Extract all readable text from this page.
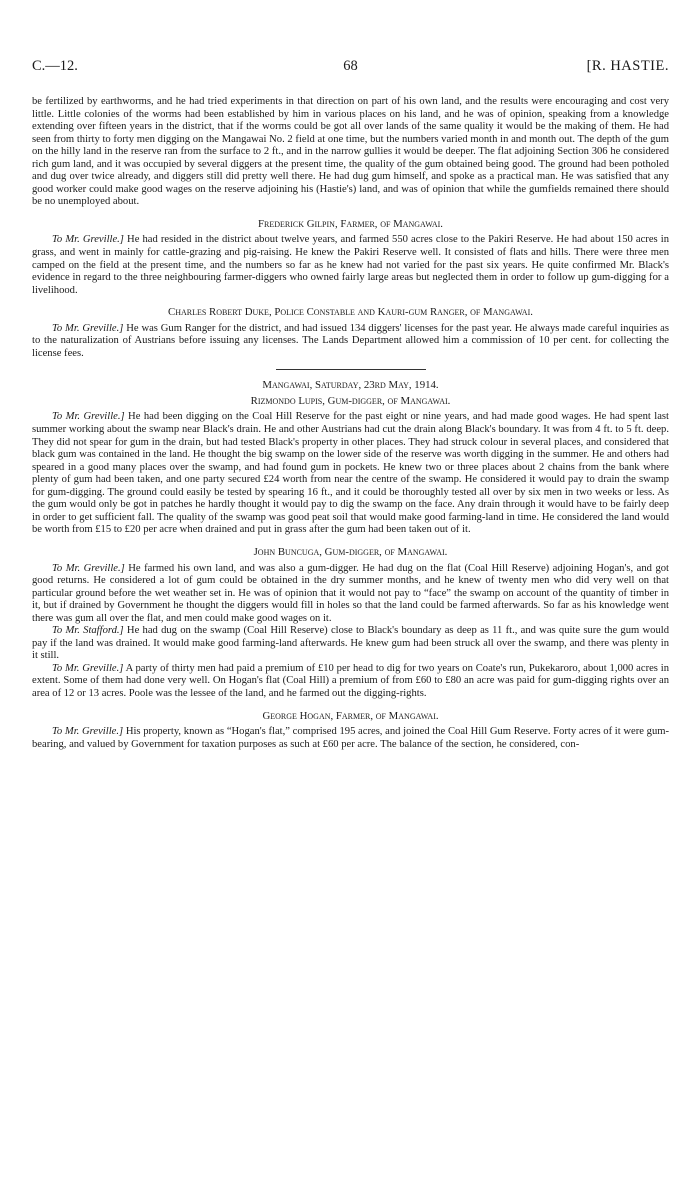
C.—12.	68	[R. HASTIE.

be fertilized by earthworms, and he had tried experiments in that direction on part of his own land, and the results were encouraging and cost very little. Little colonies of the worms had been established by him in various places on his land, and he was of opinion, speaking from a knowledge extending over fifteen years in the district, that if the worms could be got all over lands of the same quality it would be the making of them. He had seen from thirty to forty men digging on the Mangawai No. 2 field at one time, but the numbers varied month in and month out. The depth of the gum on the hilly land in the reserve ran from the surface to 2 ft., and in the narrow gullies it would be deeper. The flat adjoining Section 306 he considered rich gum land, and it was occupied by several diggers at the present time, the quality of the gum obtained being good. The ground had been potholed and dug over twice already, and diggers still did pretty well there. He had dug gum himself, and spoke as a practical man. He was satisfied that any good worker could make good wages on the reserve adjoining his (Hastie's) land, and was of opinion that while the gumfields remained there should be no unemployed about.

Frederick Gilpin, Farmer, of Mangawai.

To Mr. Greville.] He had resided in the district about twelve years, and farmed 550 acres close to the Pakiri Reserve. He had about 150 acres in grass, and went in mainly for cattle-grazing and pig-raising. He knew the Pakiri Reserve well. It consisted of flats and hills. There were three men camped on the field at the present time, and the numbers so far as he knew had not varied for the past six years. He quite confirmed Mr. Black's evidence in regard to the three neighbouring farmer-diggers who owned fairly large areas but neglected them in order to follow up gum-digging for a livelihood.

Charles Robert Duke, Police Constable and Kauri-gum Ranger, of Mangawai.

To Mr. Greville.] He was Gum Ranger for the district, and had issued 134 diggers' licenses for the past year. He always made careful inquiries as to the naturalization of Austrians before issuing any licenses. The Lands Department allowed him a commission of 10 per cent. for collecting the license fees.

Mangawai, Saturday, 23rd May, 1914.
Rizmondo Lupis, Gum-digger, of Mangawai.

To Mr. Greville.] He had been digging on the Coal Hill Reserve for the past eight or nine years, and had made good wages. He had spent last summer working about the swamp near Black's drain. He and other Austrians had cut the drain along Black's boundary. It was from 4 ft. to 5 ft. deep. They did not spear for gum in the drain, but had tested Black's property in other places. They had struck colour in several places, and considered that black gum was contained in the land. He thought the big swamp on the lower side of the reserve was worth digging in the summer. He and others had speared in a good many places over the swamp, and had found gum in pockets. He knew two or three places about 2 chains from the bank where plenty of gum had been taken, and one party secured £24 worth from near the centre of the swamp. He considered it would pay to drain the swamp for gum-digging. The ground could easily be tested by spearing 16 ft., and it could be thoroughly tested all over by six men in two weeks or less. As the gum would only be got in patches he hardly thought it would pay to dig the swamp on the face. Any drain through it would have to be fairly deep in order to get sufficient fall. The quality of the swamp was good peat soil that would make good farming-land in time. He considered the land would be worth from £15 to £20 per acre when drained and put in grass after the gum had been taken out of it.

John Buncuga, Gum-digger, of Mangawai.

To Mr. Greville.] He farmed his own land, and was also a gum-digger. He had dug on the flat (Coal Hill Reserve) adjoining Hogan's, and got good returns. He considered a lot of gum could be obtained in the dry summer months, and he knew of twenty men who did very well on that particular ground before the wet weather set in. He was of opinion that it would not pay to “face” the swamp on account of the quantity of timber in it, but if drained by Government he thought the diggers would fill in holes so that the land could be farmed afterwards. So far as his knowledge went there was gum all over the flat, and men could make good wages on it.

To Mr. Stafford.] He had dug on the swamp (Coal Hill Reserve) close to Black's boundary as deep as 11 ft., and was quite sure the gum would pay if the land was drained. It would make good farming-land afterwards. He knew gum had been struck all over the swamp, and there was plenty in it still.

To Mr. Greville.] A party of thirty men had paid a premium of £10 per head to dig for two years on Coate's run, Pukekaroro, about 1,000 acres in extent. Some of them had done very well. On Hogan's flat (Coal Hill) a premium of from £60 to £80 an acre was paid for gum-digging rights over an area of 12 or 13 acres. Poole was the lessee of the land, and he farmed out the digging-rights.

George Hogan, Farmer, of Mangawai.

To Mr. Greville.] His property, known as “Hogan's flat,” comprised 195 acres, and joined the Coal Hill Gum Reserve. Forty acres of it were gum-bearing, and valued by Government for taxation purposes as such at £60 per acre. The balance of the section, he considered, con-
